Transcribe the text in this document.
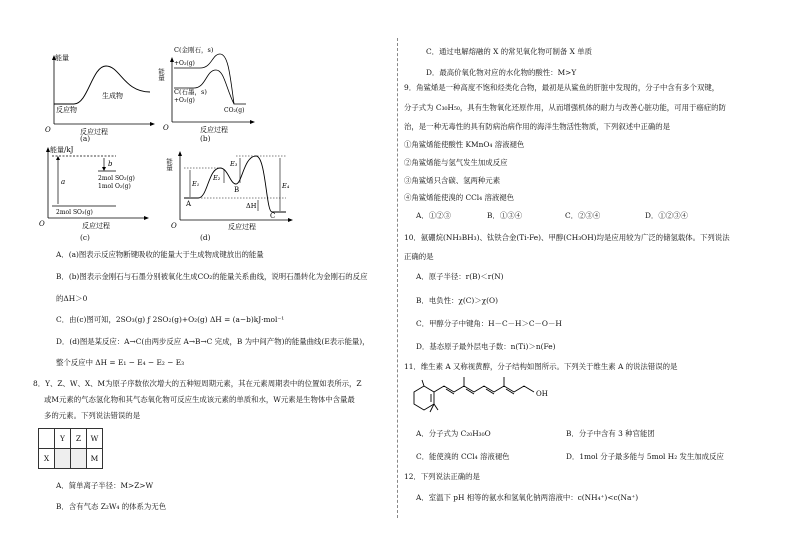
能量
反应物
生成物
O	反应过程
(a)
C(金刚石，s)
+O₂(g)
C(石墨，s)
+O₂(g)
CO₂(g)
能量
O	反应过程
(b)
a
b
2mol SO₂(g)
1mol O₂(g)
2mol SO₃(g)
能量/kJ
O	反应过程
(c)
E₁
E₂
E₃
E₄
A
B
C
ΔH
能量
O	反应过程
(d)
A．(a)图表示反应物断键吸收的能量大于生成物成键放出的能量
B．(b)图表示金刚石与石墨分别被氧化生成CO₂的能量关系曲线，说明石墨转化为金刚石的反应
的ΔH＞0
C．由(c)图可知，2SO₃(g) ƒ 2SO₂(g)+O₂(g) ΔH = (a−b)kJ·mol⁻¹
D．(d)图是某反应：A→C(由两步反应 A→B→C 完成，B 为中间产物)的能量曲线(E表示能量)，
整个反应中 ΔH = E₁ − E₄ − E₂ − E₃
8．Y、Z、W、X、M为原子序数依次增大的五种短周期元素，其在元素周期表中的位置如表所示，Z
或M元素的气态氢化物和其气态氧化物可反应生成该元素的单质和水，W元素是生物体中含量最
多的元素。下列说法错误的是
	Y	Z	W
X			M
A．简单离子半径：M>Z>W
B．含有气态 Z₂W₄ 的体系为无色
C．通过电解熔融的 X 的常见氧化物可制备 X 单质
D．最高价氧化物对应的水化物的酸性：M>Y
9．角鲨烯是一种高度不饱和烃类化合物，最初是从鲨鱼的肝脏中发现的，分子中含有多个双键，
分子式为 C₃₀H₅₀，具有生物氧化还原作用，从而增强机体的耐力与改善心脏功能，可用于癌症的防
治，是一种无毒性的具有防病治病作用的海洋生物活性物质，下列叙述中正确的是
①角鲨烯能使酸性 KMnO₄ 溶液褪色
②角鲨烯能与氢气发生加成反应
③角鲨烯只含碳、氢两种元素
④角鲨烯能使溴的 CCl₄ 溶液褪色
A．①②③	B．①③④	C．②③④	D．①②③④
10．氨硼烷(NH₃BH₃)、钛铁合金(Ti-Fe)、甲醇(CH₃OH)均是应用较为广泛的储氢载体。下列说法
正确的是
A．原子半径：r(B)＜r(N)
B．电负性：χ(C)＞χ(O)
C．甲醇分子中键角：H－C－H＞C－O－H
D．基态原子最外层电子数：n(Ti)＞n(Fe)
11．维生素 A 又称视黄醇，分子结构如图所示。下列关于维生素 A 的说法错误的是
OH
A．分子式为 C₂₀H₃₀O	B．分子中含有 3 种官能团
C．能使溴的 CCl₄ 溶液褪色	D．1mol 分子最多能与 5mol H₂ 发生加成反应
12．下列说法正确的是
A．室温下 pH 相等的氨水和氢氧化钠两溶液中：c(NH₄⁺)<c(Na⁺)
